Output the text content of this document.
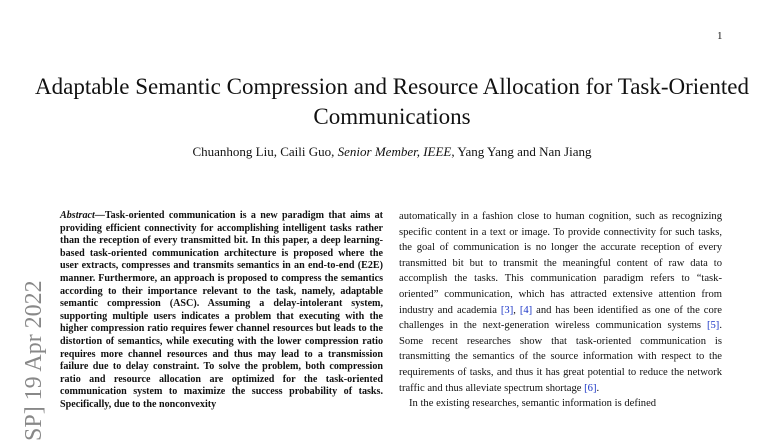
1
Adaptable Semantic Compression and Resource Allocation for Task-Oriented Communications
Chuanhong Liu, Caili Guo, Senior Member, IEEE, Yang Yang and Nan Jiang
SP] 19 Apr 2022

Abstract—Task-oriented communication is a new paradigm that aims at providing efficient connectivity for accomplishing intelligent tasks rather than the reception of every transmitted bit. In this paper, a deep learning-based task-oriented communication architecture is proposed where the user extracts, compresses and transmits semantics in an end-to-end (E2E) manner. Furthermore, an approach is proposed to compress the semantics according to their importance relevant to the task, namely, adaptable semantic compression (ASC). Assuming a delay-intolerant system, supporting multiple users indicates a problem that executing with the higher compression ratio requires fewer channel resources but leads to the distortion of semantics, while executing with the lower compression ratio requires more channel resources and thus may lead to a transmission failure due to delay constraint. To solve the problem, both compression ratio and resource allocation are optimized for the task-oriented communication system to maximize the success probability of tasks. Specifically, due to the nonconvexity

automatically in a fashion close to human cognition, such as recognizing specific content in a text or image. To provide connectivity for such tasks, the goal of communication is no longer the accurate reception of every transmitted bit but to transmit the meaningful content of raw data to accomplish the tasks. This communication paradigm refers to “task-oriented” communication, which has attracted extensive attention from industry and academia [3], [4] and has been identified as one of the core challenges in the next-generation wireless communication systems [5]. Some recent researches show that task-oriented communication is transmitting the semantics of the source information with respect to the requirements of tasks, and thus it has great potential to reduce the network traffic and thus alleviate spectrum shortage [6].

In the existing researches, semantic information is defined
